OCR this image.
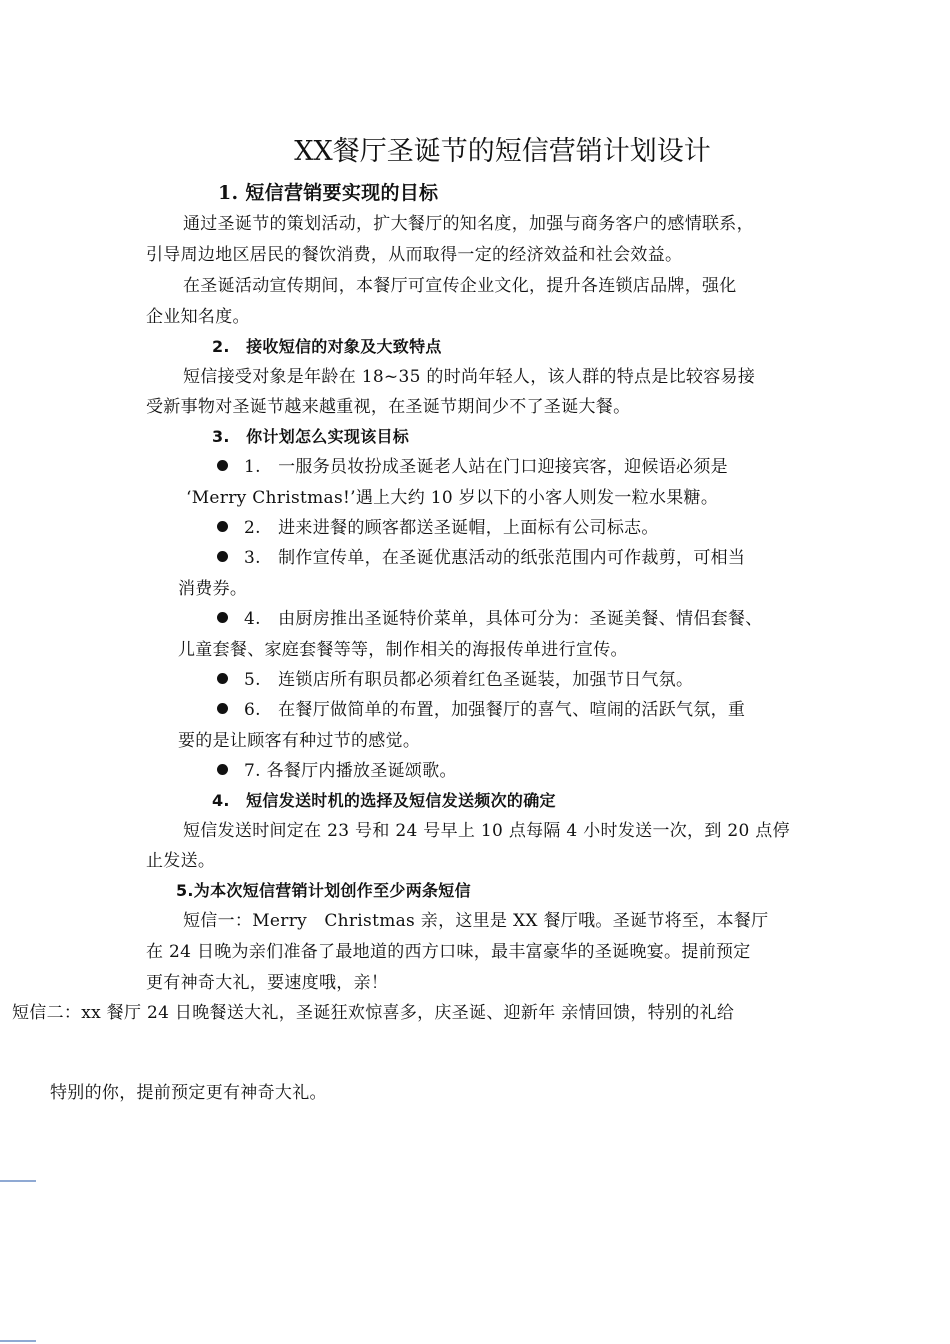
XX餐厅圣诞节的短信营销计划设计
1. 短信营销要实现的目标
通过圣诞节的策划活动，扩大餐厅的知名度，加强与商务客户的感情联系，
引导周边地区居民的餐饮消费，从而取得一定的经济效益和社会效益。
在圣诞活动宣传期间，本餐厅可宣传企业文化，提升各连锁店品牌，强化
企业知名度。
2.　接收短信的对象及大致特点
短信接受对象是年龄在 18~35 的时尚年轻人，该人群的特点是比较容易接
受新事物对圣诞节越来越重视，在圣诞节期间少不了圣诞大餐。
3.　你计划怎么实现该目标
1.　一服务员妆扮成圣诞老人站在门口迎接宾客，迎候语必须是
‘Merry Christmas!’遇上大约 10 岁以下的小客人则发一粒水果糖。
2.　进来进餐的顾客都送圣诞帽，上面标有公司标志。
3.　制作宣传单，在圣诞优惠活动的纸张范围内可作裁剪，可相当
消费券。
4.　由厨房推出圣诞特价菜单，具体可分为：圣诞美餐、情侣套餐、
儿童套餐、家庭套餐等等，制作相关的海报传单进行宣传。
5.　连锁店所有职员都必须着红色圣诞装，加强节日气氛。
6.　在餐厅做简单的布置，加强餐厅的喜气、喧闹的活跃气氛，重
要的是让顾客有种过节的感觉。
7. 各餐厅内播放圣诞颂歌。
4.　短信发送时机的选择及短信发送频次的确定
短信发送时间定在 23 号和 24 号早上 10 点每隔 4 小时发送一次，到 20 点停
止发送。
5.为本次短信营销计划创作至少两条短信
短信一：Merry　Christmas 亲，这里是 XX 餐厅哦。圣诞节将至，本餐厅
在 24 日晚为亲们准备了最地道的西方口味，最丰富豪华的圣诞晚宴。提前预定
更有神奇大礼，要速度哦，亲！
短信二：xx 餐厅 24 日晚餐送大礼，圣诞狂欢惊喜多，庆圣诞、迎新年 亲情回馈，特别的礼给
特别的你，提前预定更有神奇大礼。
